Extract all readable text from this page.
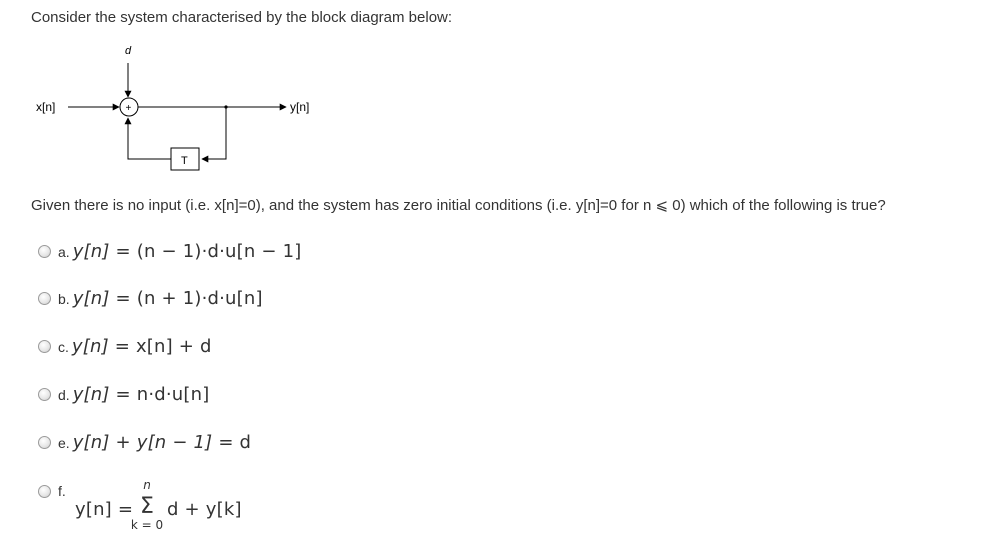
Consider the system characterised by the block diagram below:
x[n]
d
+	y[n]
T
Given there is no input (i.e. x[n]=0), and the system has zero initial conditions (i.e. y[n]=0 for n ⩽ 0) which of the following is true?
a. y[n] = (n − 1)·d·u[n − 1]
b. y[n] = (n + 1)·d·u[n]
c. y[n] = x[n] + d
d. y[n] = n·d·u[n]
e. y[n] + y[n − 1] = d
f.
y[n] =
n
Σ
k = 0
d + y[k]
